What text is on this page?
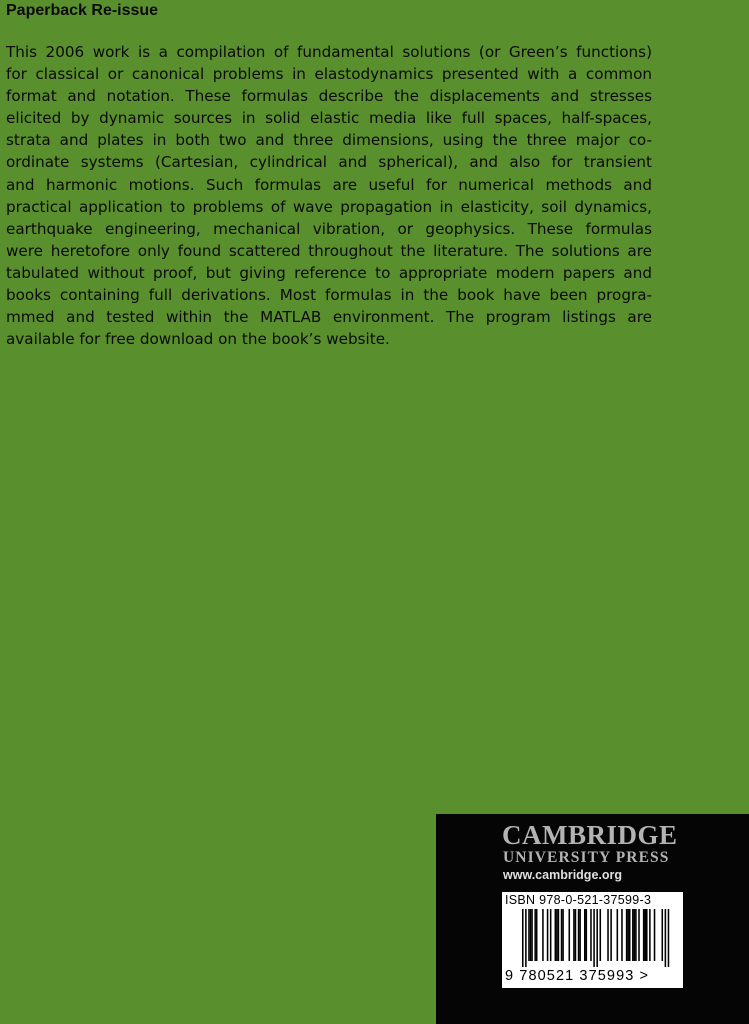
Paperback Re-issue
This 2006 work is a compilation of fundamental solutions (or Green’s functions)
for classical or canonical problems in elastodynamics presented with a common
format and notation. These formulas describe the displacements and stresses
elicited by dynamic sources in solid elastic media like full spaces, half-spaces,
strata and plates in both two and three dimensions, using the three major co-
ordinate systems (Cartesian, cylindrical and spherical), and also for transient
and harmonic motions. Such formulas are useful for numerical methods and
practical application to problems of wave propagation in elasticity, soil dynamics,
earthquake engineering, mechanical vibration, or geophysics. These formulas
were heretofore only found scattered throughout the literature. The solutions are
tabulated without proof, but giving reference to appropriate modern papers and
books containing full derivations. Most formulas in the book have been progra-
mmed and tested within the MATLAB environment. The program listings are
available for free download on the book’s website.
CAMBRIDGE
UNIVERSITY PRESS
www.cambridge.org
ISBN 978-0-521-37599-3
9 780521 375993 >
